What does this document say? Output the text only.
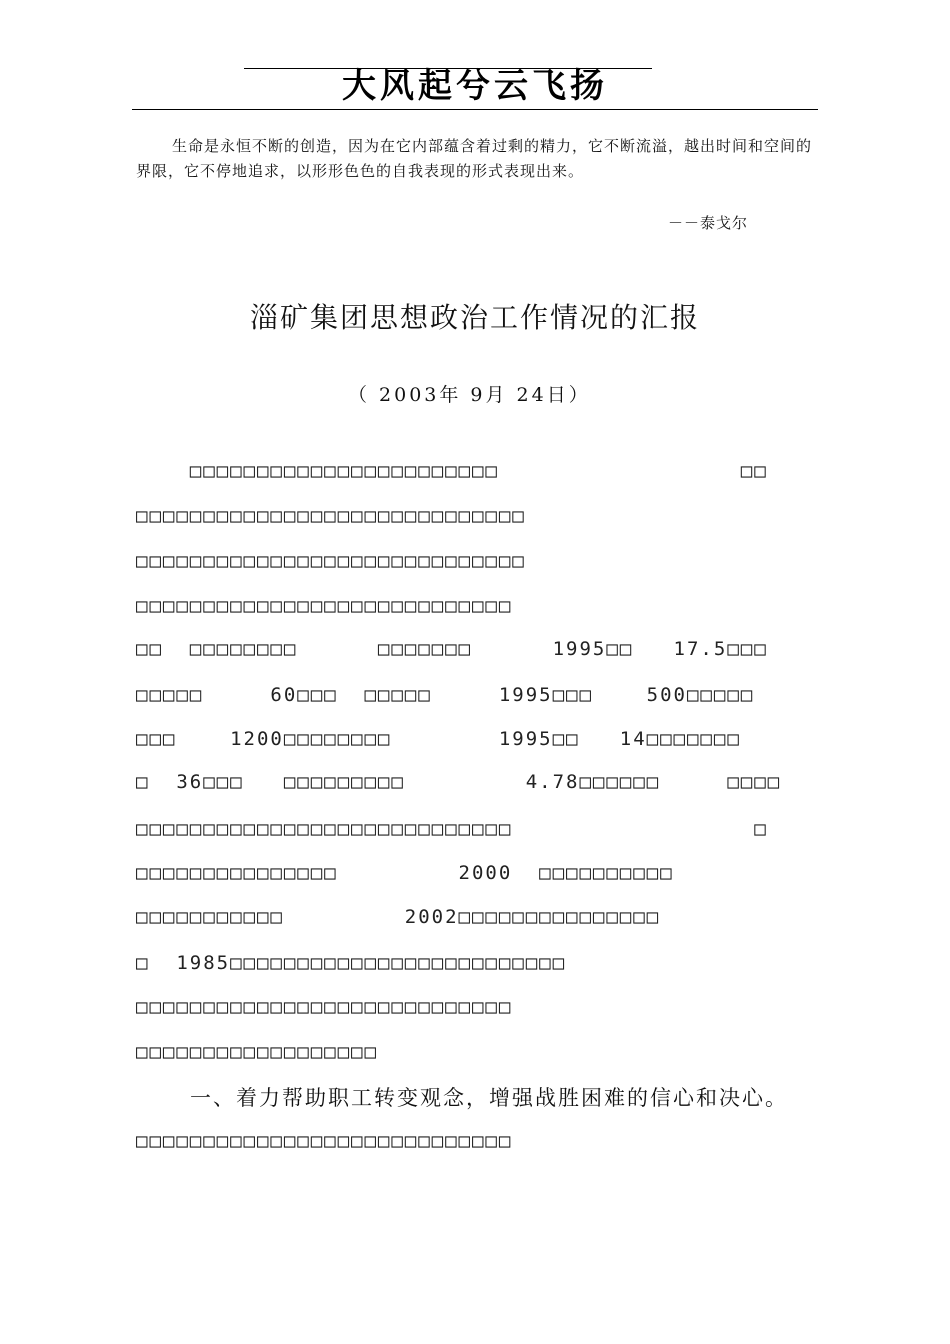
大风起兮云飞扬
生命是永恒不断的创造，因为在它内部蕴含着过剩的精力，它不断流溢，越出时间和空间的界限，它不停地追求，以形形色色的自我表现的形式表现出来。
－－泰戈尔
淄矿集团思想政治工作情况的汇报
（ 2003年 9月 24日）
□□□□□□□□□□□□□□□□□□□□□□□                  □□
□□□□□□□□□□□□□□□□□□□□□□□□□□□□□
□□□□□□□□□□□□□□□□□□□□□□□□□□□□□
□□□□□□□□□□□□□□□□□□□□□□□□□□□□
□□  □□□□□□□□      □□□□□□□      1995□□   17.5□□□
□□□□□     60□□□  □□□□□     1995□□□    500□□□□□
□□□    1200□□□□□□□□        1995□□   14□□□□□□□
□  36□□□   □□□□□□□□□         4.78□□□□□□     □□□□
□□□□□□□□□□□□□□□□□□□□□□□□□□□□                  □
□□□□□□□□□□□□□□□         2000  □□□□□□□□□□
□□□□□□□□□□□         2002□□□□□□□□□□□□□□□
□  1985□□□□□□□□□□□□□□□□□□□□□□□□□
□□□□□□□□□□□□□□□□□□□□□□□□□□□□
□□□□□□□□□□□□□□□□□□
一、着力帮助职工转变观念，增强战胜困难的信心和决心。
□□□□□□□□□□□□□□□□□□□□□□□□□□□□
